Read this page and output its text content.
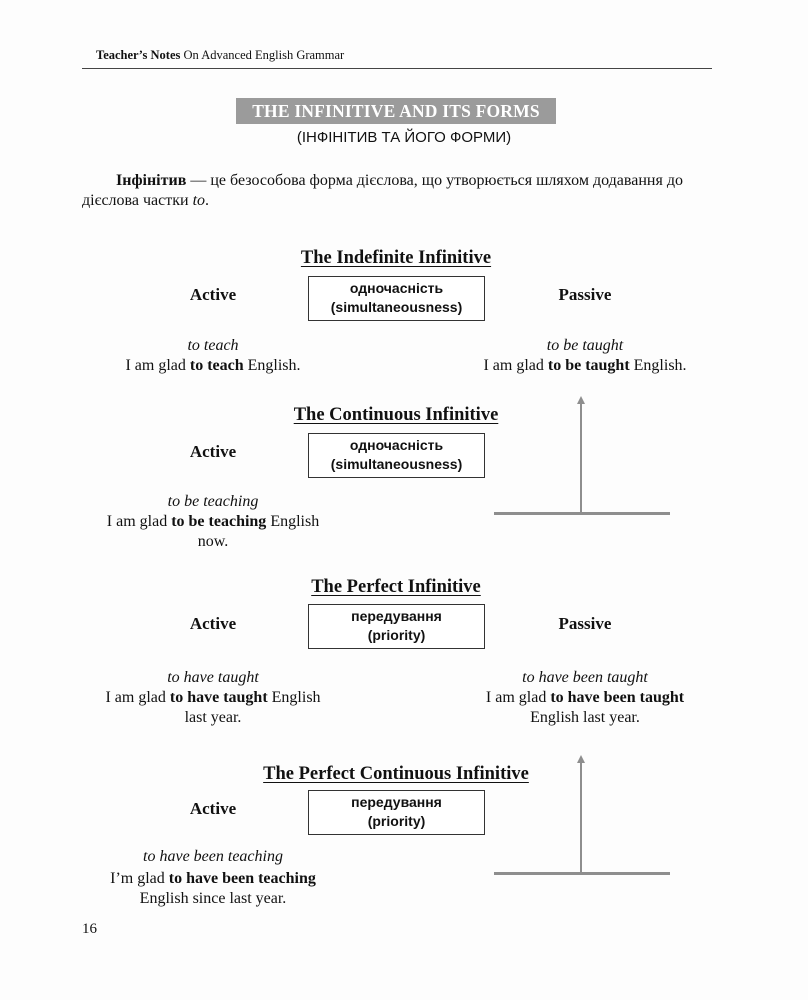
Teacher’s Notes On Advanced English Grammar
THE INFINITIVE AND ITS FORMS
(ІНФІНІТИВ ТА ЙОГО ФОРМИ)
Інфінітив — це безособова форма дієслова, що утворюється шляхом додавання до дієслова частки to.
The Indefinite Infinitive
Active	одночасність
(simultaneousness)
Passive
to teach
I am glad to teach English.
to be taught
I am glad to be taught English.
The Continuous Infinitive
Active	одночасність
(simultaneousness)
to be teaching
I am glad to be teaching English
now.
The Perfect Infinitive
Active	передування
(priority)
Passive
to have taught
I am glad to have taught English
last year.
to have been taught
I am glad to have been taught
English last year.
The Perfect Continuous Infinitive
Active	передування
(priority)
to have been teaching
I’m glad to have been teaching
English since last year.
16
